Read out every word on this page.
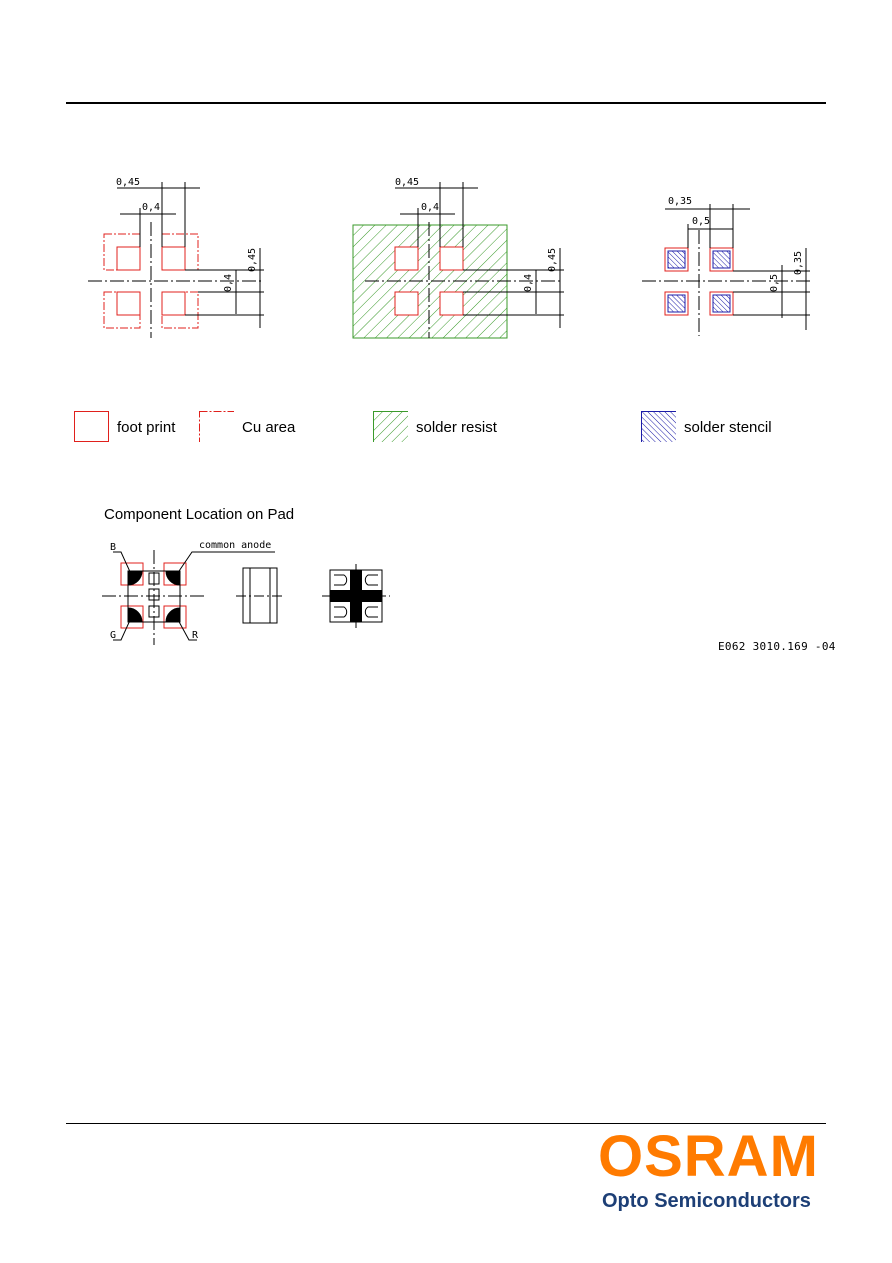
0,45
0,4
0,45
0,4
0,45
0,4
0,45
0,4
0,35
0,5
0,35
0,5
B
G	R
common anode
foot print	Cu area	solder resist	solder stencil
Component Location on Pad
E062 3010.169 -04
OSRAM
Opto Semiconductors
